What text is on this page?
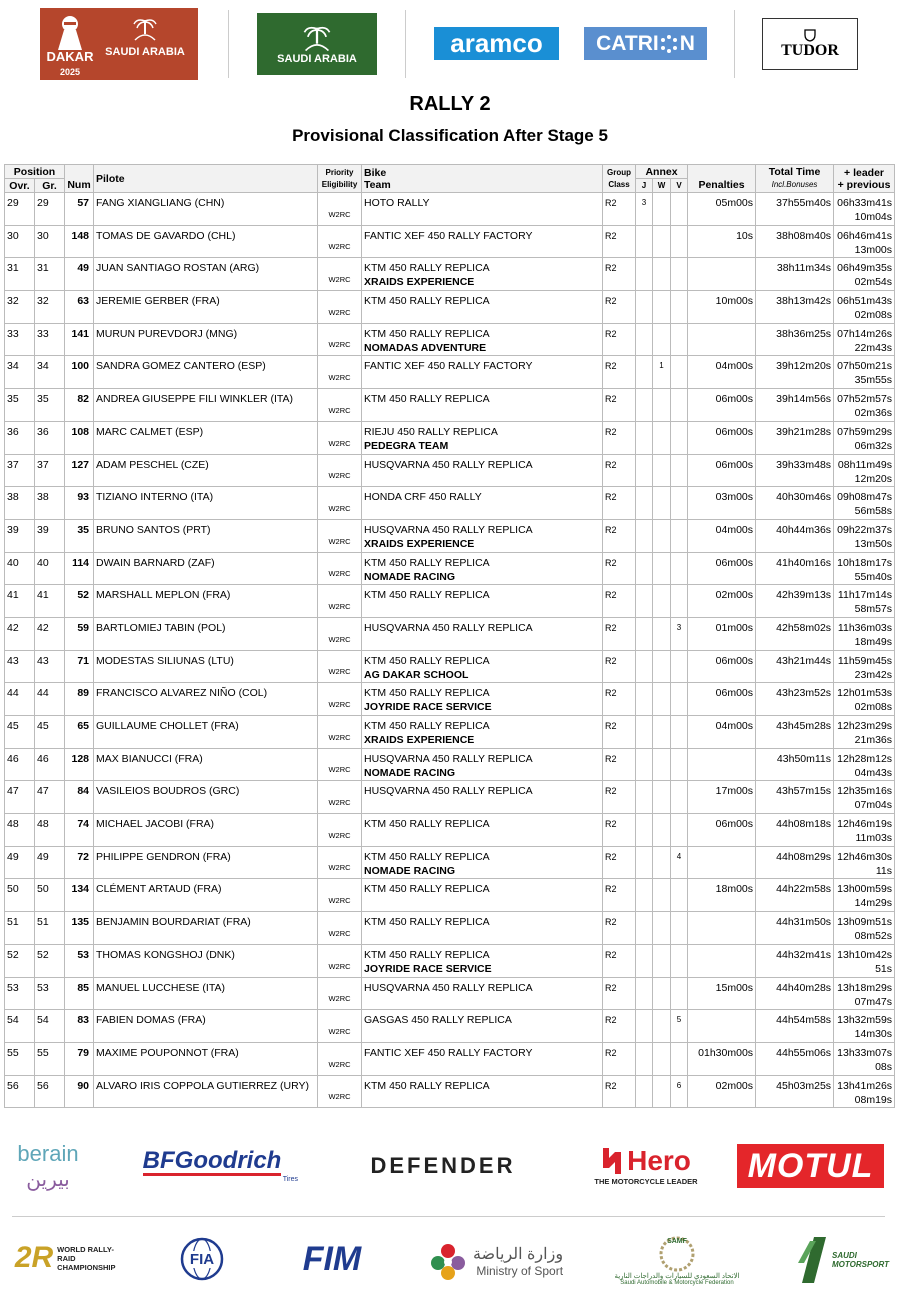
DAKAR
2025
SAUDI ARABIA
SAUDI ARABIA
aramco	CATRI N	TUDOR
RALLY 2
Provisional Classification After Stage 5
Position		Num	Pilote	Priority
Eligibility	Bike
Team	Group
Class	Annex			Penalties	Total Time
Incl.Bonuses	+ leader
+ previous
Ovr.	Gr.						J	W	V			
29	29	57	FANG XIANGLIANG (CHN)	W2RC	HOTO RALLY	R2	3			05m00s	37h55m40s	06h33m41s
10m04s

30	30	148	TOMAS DE GAVARDO (CHL)	W2RC	FANTIC XEF 450 RALLY FACTORY	R2				10s	38h08m40s	06h46m41s
13m00s

31	31	49	JUAN SANTIAGO ROSTAN (ARG)	W2RC	KTM 450 RALLY REPLICA
XRAIDS EXPERIENCE	R2					38h11m34s	06h49m35s
02m54s

32	32	63	JEREMIE GERBER (FRA)	W2RC	KTM 450 RALLY REPLICA	R2				10m00s	38h13m42s	06h51m43s
02m08s

33	33	141	MURUN PUREVDORJ (MNG)	W2RC	KTM 450 RALLY REPLICA
NOMADAS ADVENTURE	R2					38h36m25s	07h14m26s
22m43s

34	34	100	SANDRA GOMEZ CANTERO (ESP)	W2RC	FANTIC XEF 450 RALLY FACTORY	R2		1		04m00s	39h12m20s	07h50m21s
35m55s

35	35	82	ANDREA GIUSEPPE FILI WINKLER (ITA)	W2RC	KTM 450 RALLY REPLICA	R2				06m00s	39h14m56s	07h52m57s
02m36s

36	36	108	MARC CALMET (ESP)	W2RC	RIEJU 450 RALLY REPLICA
PEDEGRA TEAM	R2				06m00s	39h21m28s	07h59m29s
06m32s

37	37	127	ADAM PESCHEL (CZE)	W2RC	HUSQVARNA 450 RALLY REPLICA	R2				06m00s	39h33m48s	08h11m49s
12m20s

38	38	93	TIZIANO INTERNO (ITA)	W2RC	HONDA CRF 450 RALLY	R2				03m00s	40h30m46s	09h08m47s
56m58s

39	39	35	BRUNO SANTOS (PRT)	W2RC	HUSQVARNA 450 RALLY REPLICA
XRAIDS EXPERIENCE	R2				04m00s	40h44m36s	09h22m37s
13m50s

40	40	114	DWAIN BARNARD (ZAF)	W2RC	KTM 450 RALLY REPLICA
NOMADE RACING	R2				06m00s	41h40m16s	10h18m17s
55m40s

41	41	52	MARSHALL MEPLON (FRA)	W2RC	KTM 450 RALLY REPLICA	R2				02m00s	42h39m13s	11h17m14s
58m57s

42	42	59	BARTLOMIEJ TABIN (POL)	W2RC	HUSQVARNA 450 RALLY REPLICA	R2			3	01m00s	42h58m02s	11h36m03s
18m49s

43	43	71	MODESTAS SILIUNAS (LTU)	W2RC	KTM 450 RALLY REPLICA
AG DAKAR SCHOOL	R2				06m00s	43h21m44s	11h59m45s
23m42s

44	44	89	FRANCISCO ALVAREZ NIÑO (COL)	W2RC	KTM 450 RALLY REPLICA
JOYRIDE RACE SERVICE	R2				06m00s	43h23m52s	12h01m53s
02m08s

45	45	65	GUILLAUME CHOLLET (FRA)	W2RC	KTM 450 RALLY REPLICA
XRAIDS EXPERIENCE	R2				04m00s	43h45m28s	12h23m29s
21m36s

46	46	128	MAX BIANUCCI (FRA)	W2RC	HUSQVARNA 450 RALLY REPLICA
NOMADE RACING	R2					43h50m11s	12h28m12s
04m43s

47	47	84	VASILEIOS BOUDROS (GRC)	W2RC	HUSQVARNA 450 RALLY REPLICA	R2				17m00s	43h57m15s	12h35m16s
07m04s

48	48	74	MICHAEL JACOBI (FRA)	W2RC	KTM 450 RALLY REPLICA	R2				06m00s	44h08m18s	12h46m19s
11m03s

49	49	72	PHILIPPE GENDRON (FRA)	W2RC	KTM 450 RALLY REPLICA
NOMADE RACING	R2			4		44h08m29s	12h46m30s
11s

50	50	134	CLÉMENT ARTAUD (FRA)	W2RC	KTM 450 RALLY REPLICA	R2				18m00s	44h22m58s	13h00m59s
14m29s

51	51	135	BENJAMIN BOURDARIAT (FRA)	W2RC	KTM 450 RALLY REPLICA	R2					44h31m50s	13h09m51s
08m52s

52	52	53	THOMAS KONGSHOJ (DNK)	W2RC	KTM 450 RALLY REPLICA
JOYRIDE RACE SERVICE	R2					44h32m41s	13h10m42s
51s

53	53	85	MANUEL LUCCHESE (ITA)	W2RC	HUSQVARNA 450 RALLY REPLICA	R2				15m00s	44h40m28s	13h18m29s
07m47s

54	54	83	FABIEN DOMAS (FRA)	W2RC	GASGAS 450 RALLY REPLICA	R2			5		44h54m58s	13h32m59s
14m30s

55	55	79	MAXIME POUPONNOT (FRA)	W2RC	FANTIC XEF 450 RALLY FACTORY	R2				01h30m00s	44h55m06s	13h33m07s
08s

56	56	90	ALVARO IRIS COPPOLA GUTIERREZ (URY)	W2RC	KTM 450 RALLY REPLICA	R2			6	02m00s	45h03m25s	13h41m26s
08m19s
berain
بيرين
BFGoodrich
Tires
DEFENDER	Hero
THE MOTORCYCLE LEADER	MOTUL
2R WORLD RALLY-RAID CHAMPIONSHIP	FIA	FIM	وزارة الرياضة
Ministry of Sport
SAMF
الاتحاد السعودي للسيارات والدراجات النارية
Saudi Automobile & Motorcycle Federation
SAUDI MOTORSPORT
